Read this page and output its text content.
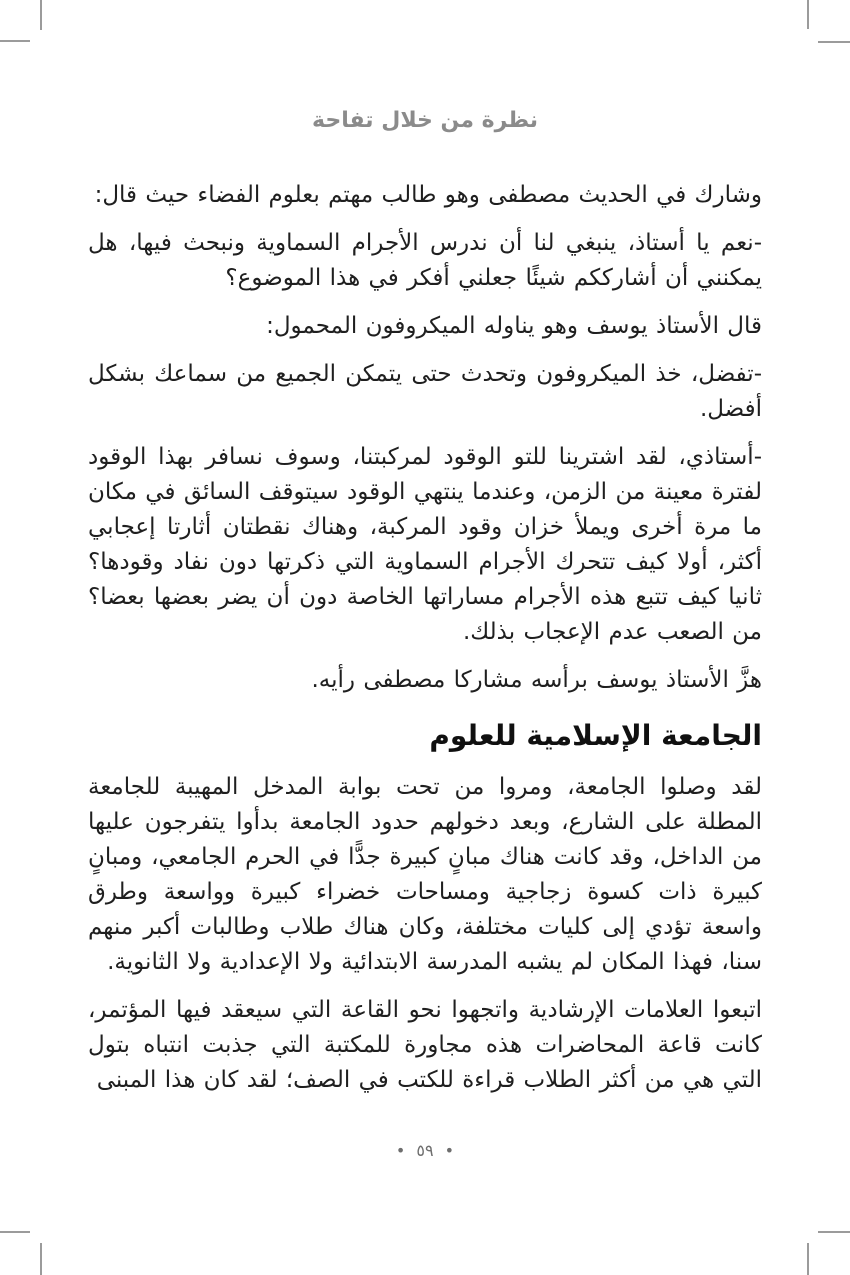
نظرة من خلال تفاحة

وشارك في الحديث مصطفى وهو طالب مهتم بعلوم الفضاء حيث قال:

-نعم يا أستاذ، ينبغي لنا أن ندرس الأجرام السماوية ونبحث فيها، هل يمكنني أن أشارككم شيئًا جعلني أفكر في هذا الموضوع؟

قال الأستاذ يوسف وهو يناوله الميكروفون المحمول:

-تفضل، خذ الميكروفون وتحدث حتى يتمكن الجميع من سماعك بشكل أفضل.

-أستاذي، لقد اشترينا للتو الوقود لمركبتنا، وسوف نسافر بهذا الوقود لفترة معينة من الزمن، وعندما ينتهي الوقود سيتوقف السائق في مكان ما مرة أخرى ويملأ خزان وقود المركبة، وهناك نقطتان أثارتا إعجابي أكثر، أولا كيف تتحرك الأجرام السماوية التي ذكرتها دون نفاد وقودها؟ ثانيا كيف تتبع هذه الأجرام مساراتها الخاصة دون أن يضر بعضها بعضا؟ من الصعب عدم الإعجاب بذلك.

هزَّ الأستاذ يوسف برأسه مشاركا مصطفى رأيه.

الجامعة الإسلامية للعلوم

لقد وصلوا الجامعة، ومروا من تحت بوابة المدخل المهيبة للجامعة المطلة على الشارع، وبعد دخولهم حدود الجامعة بدأوا يتفرجون عليها من الداخل، وقد كانت هناك مبانٍ كبيرة جدًّا في الحرم الجامعي، ومبانٍ كبيرة ذات كسوة زجاجية ومساحات خضراء كبيرة وواسعة وطرق واسعة تؤدي إلى كليات مختلفة، وكان هناك طلاب وطالبات أكبر منهم سنا، فهذا المكان لم يشبه المدرسة الابتدائية ولا الإعدادية ولا الثانوية.

اتبعوا العلامات الإرشادية واتجهوا نحو القاعة التي سيعقد فيها المؤتمر، كانت قاعة المحاضرات هذه مجاورة للمكتبة التي جذبت انتباه بتول التي هي من أكثر الطلاب قراءة للكتب في الصف؛ لقد كان هذا المبنى

• ٥٩ •
